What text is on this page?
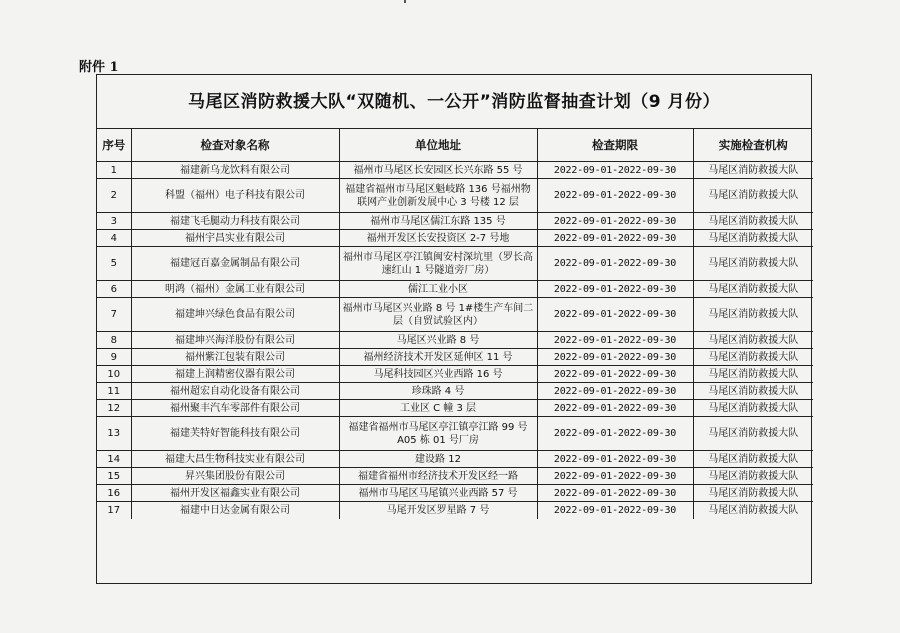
附件 1
马尾区消防救援大队“双随机、一公开”消防监督抽查计划（9 月份）
序号	检查对象名称	单位地址	检查期限	实施检查机构
1	福建新乌龙饮料有限公司	福州市马尾区长安园区长兴东路 55 号	2022-09-01-2022-09-30	马尾区消防救援大队
2	科盟（福州）电子科技有限公司	福建省福州市马尾区魁岐路 136 号福州物联网产业创新发展中心 3 号楼 12 层	2022-09-01-2022-09-30	马尾区消防救援大队
3	福建飞毛腿动力科技有限公司	福州市马尾区儒江东路 135 号	2022-09-01-2022-09-30	马尾区消防救援大队
4	福州宇昌实业有限公司	福州开发区长安投资区 2-7 号地	2022-09-01-2022-09-30	马尾区消防救援大队
5	福建冠百嘉金属制品有限公司	福州市马尾区亭江镇闽安村深坑里（罗长高速红山 1 号隧道旁厂房）	2022-09-01-2022-09-30	马尾区消防救援大队
6	明鸿（福州）金属工业有限公司	儒江工业小区	2022-09-01-2022-09-30	马尾区消防救援大队
7	福建坤兴绿色食品有限公司	福州市马尾区兴业路 8 号 1#楼生产车间二层（自贸试验区内）	2022-09-01-2022-09-30	马尾区消防救援大队
8	福建坤兴海洋股份有限公司	马尾区兴业路 8 号	2022-09-01-2022-09-30	马尾区消防救援大队
9	福州紫江包装有限公司	福州经济技术开发区延伸区 11 号	2022-09-01-2022-09-30	马尾区消防救援大队
10	福建上润精密仪器有限公司	马尾科技园区兴业西路 16 号	2022-09-01-2022-09-30	马尾区消防救援大队
11	福州超宏自动化设备有限公司	珍珠路 4 号	2022-09-01-2022-09-30	马尾区消防救援大队
12	福州聚丰汽车零部件有限公司	工业区 C 幢 3 层	2022-09-01-2022-09-30	马尾区消防救援大队
13	福建芙特好智能科技有限公司	福建省福州市马尾区亭江镇亭江路 99 号 A05 栋 01 号厂房	2022-09-01-2022-09-30	马尾区消防救援大队
14	福建大昌生物科技实业有限公司	建设路 12	2022-09-01-2022-09-30	马尾区消防救援大队
15	昇兴集团股份有限公司	福建省福州市经济技术开发区经一路	2022-09-01-2022-09-30	马尾区消防救援大队
16	福州开发区福鑫实业有限公司	福州市马尾区马尾镇兴业西路 57 号	2022-09-01-2022-09-30	马尾区消防救援大队
17	福建中日达金属有限公司	马尾开发区罗星路 7 号	2022-09-01-2022-09-30	马尾区消防救援大队
